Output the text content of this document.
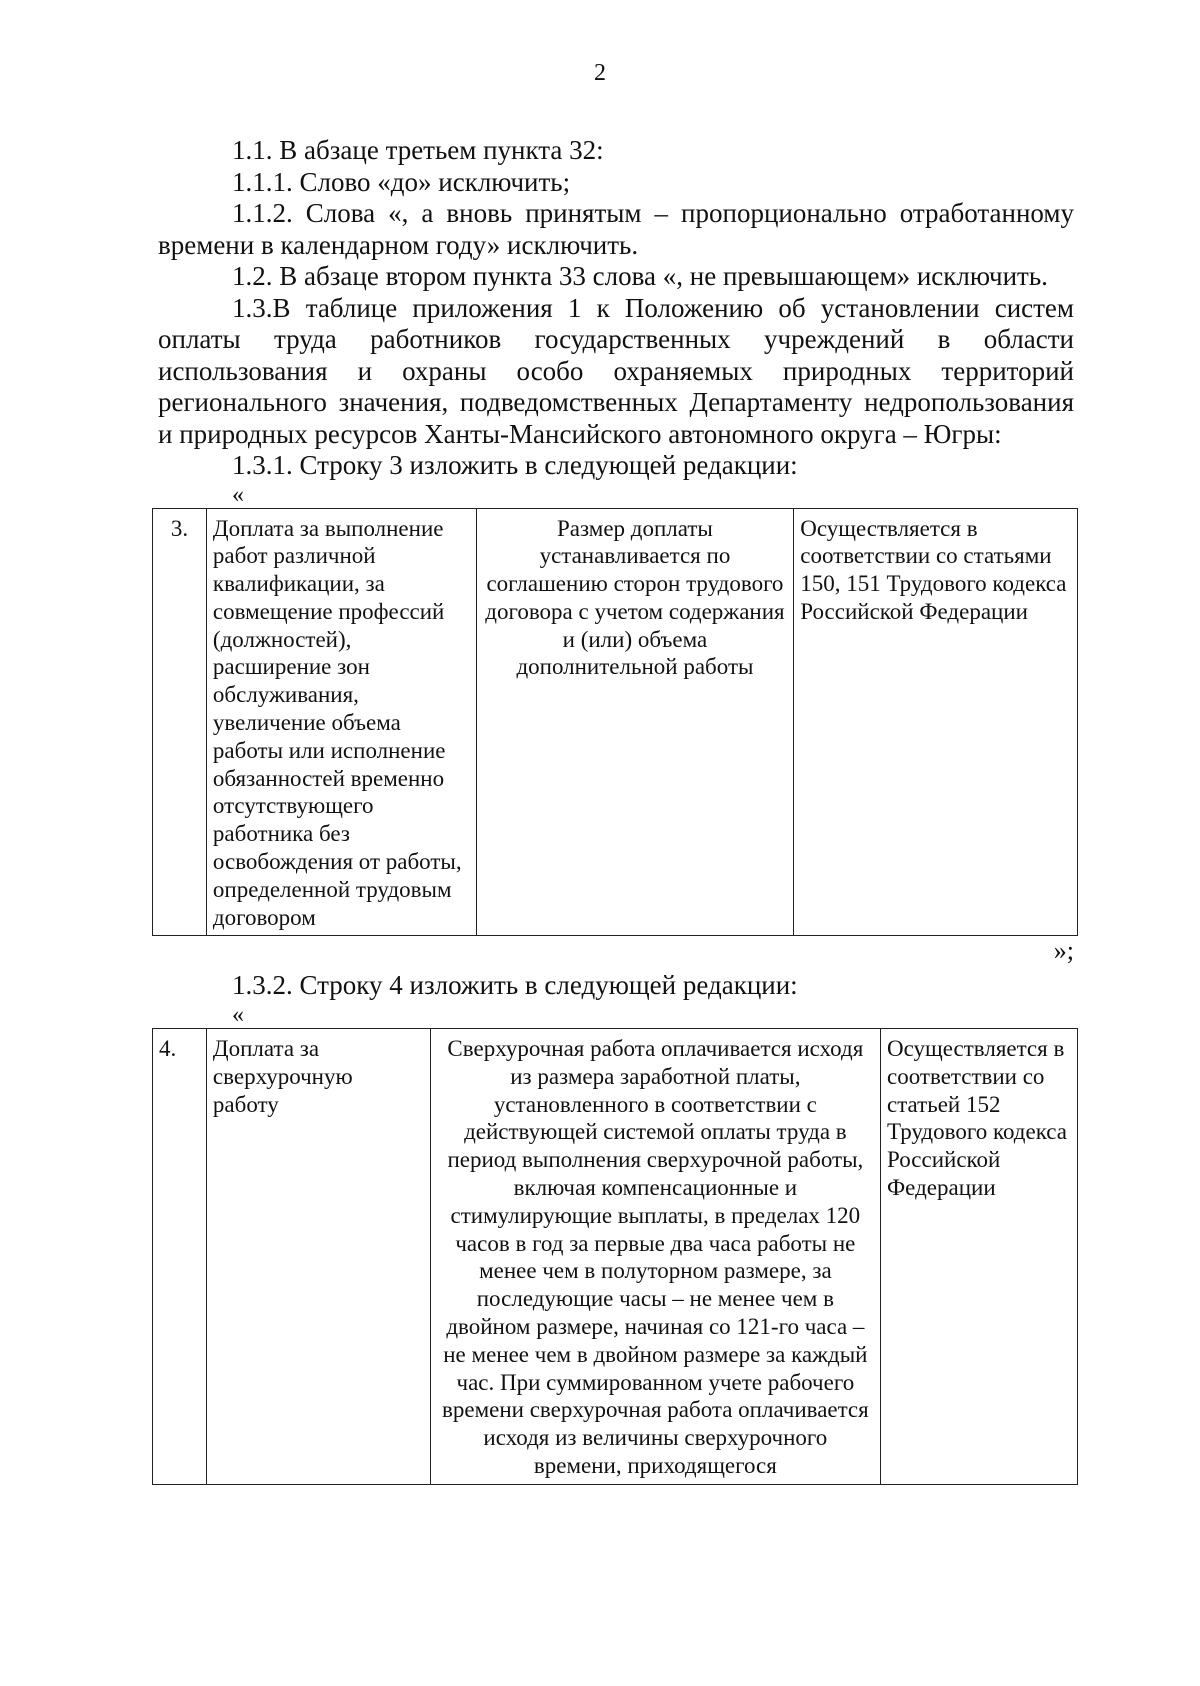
2

1.1. В абзаце третьем пункта 32:

1.1.1. Слово «до» исключить;

1.1.2. Слова «, а вновь принятым – пропорционально отработанному времени в календарном году» исключить.

1.2. В абзаце втором пункта 33 слова «, не превышающем» исключить.

1.3.В таблице приложения 1 к Положению об установлении систем оплаты труда работников государственных учреждений в области использования и охраны особо охраняемых природных территорий регионального значения, подведомственных Департаменту недропользования и природных ресурсов Ханты-Мансийского автономного округа – Югры:

1.3.1. Строку 3 изложить в следующей редакции:

«

3.	Доплата за выполнение работ различной квалификации, за совмещение профессий (должностей), расширение зон обслуживания, увеличение объема работы или исполнение обязанностей временно отсутствующего работника без освобождения от работы, определенной трудовым договором	Размер доплаты устанавливается по соглашению сторон трудового договора с учетом содержания и (или) объема дополнительной работы	Осуществляется в соответствии со статьями 150, 151 Трудового кодекса Российской Федерации

»;

1.3.2. Строку 4 изложить в следующей редакции:

«

4.	Доплата за сверхурочную работу	Сверхурочная работа оплачивается исходя из размера заработной платы, установленного в соответствии с действующей системой оплаты труда в период выполнения сверхурочной работы, включая компенсационные и стимулирующие выплаты, в пределах 120 часов в год за первые два часа работы не менее чем в полуторном размере, за последующие часы – не менее чем в двойном размере, начиная со 121-го часа – не менее чем в двойном размере за каждый час. При суммированном учете рабочего времени сверхурочная работа оплачивается исходя из величины сверхурочного времени, приходящегося	Осуществляется в соответствии со статьей 152 Трудового кодекса Российской Федерации
